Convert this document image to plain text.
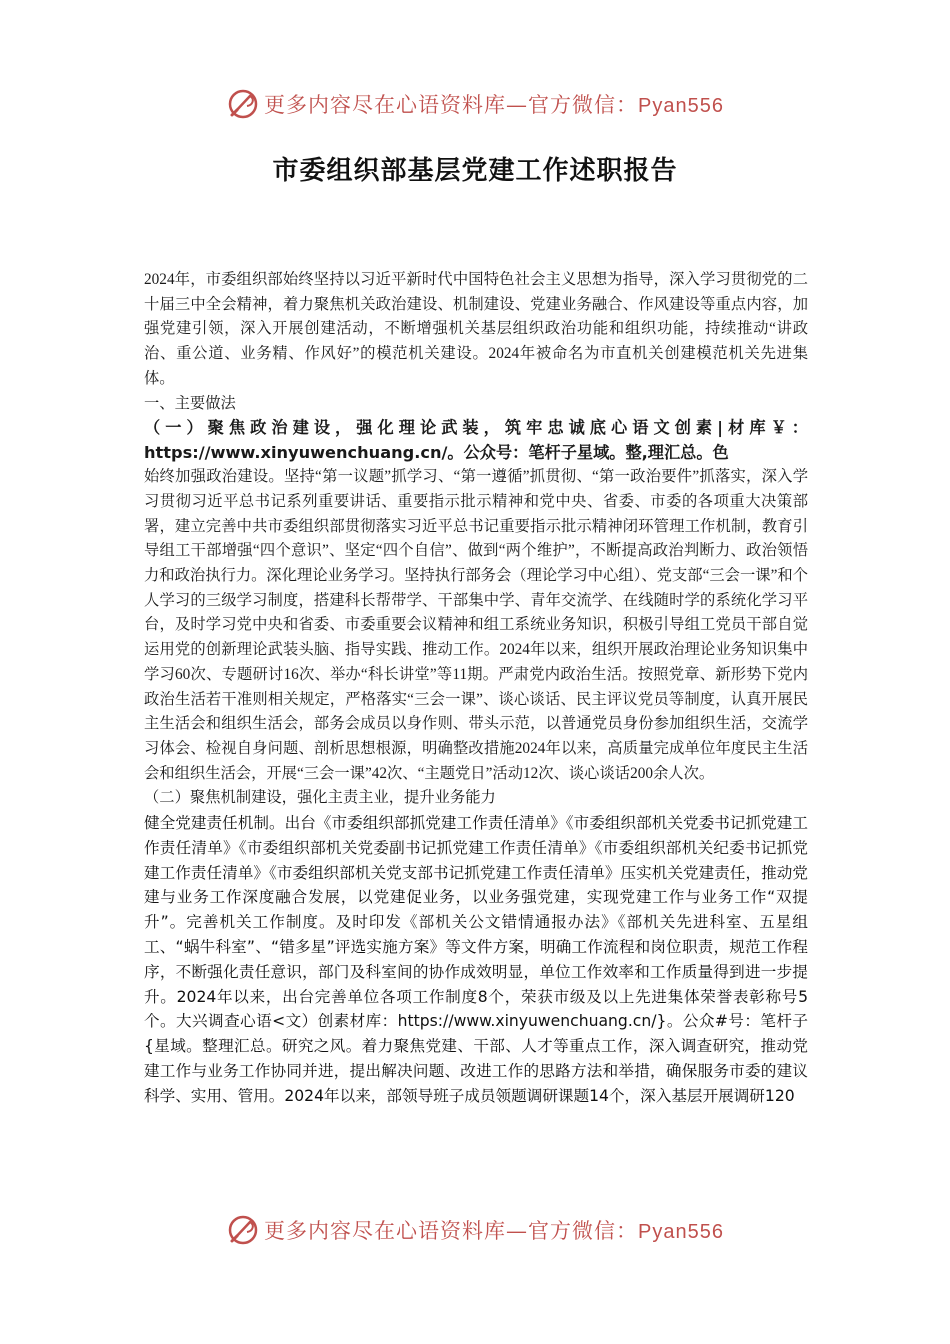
更多内容尽在心语资料库—官方微信：Pyan556
市委组织部基层党建工作述职报告

2024年，市委组织部始终坚持以习近平新时代中国特色社会主义思想为指导，深入学习贯彻党的二十届三中全会精神，着力聚焦机关政治建设、机制建设、党建业务融合、作风建设等重点内容，加强党建引领，深入开展创建活动，不断增强机关基层组织政治功能和组织功能，持续推动“讲政治、重公道、业务精、作风好”的模范机关建设。2024年被命名为市直机关创建模范机关先进集体。

一、主要做法

（一）聚焦政治建设，强化理论武装，筑牢忠诚底心语文创素|材库￥：https://www.xinyuwenchuang.cn/。公众号：笔杆子星域。整,理汇总。色

始终加强政治建设。坚持“第一议题”抓学习、“第一遵循”抓贯彻、“第一政治要件”抓落实，深入学习贯彻习近平总书记系列重要讲话、重要指示批示精神和党中央、省委、市委的各项重大决策部署，建立完善中共市委组织部贯彻落实习近平总书记重要指示批示精神闭环管理工作机制，教育引导组工干部增强“四个意识”、坚定“四个自信”、做到“两个维护”，不断提高政治判断力、政治领悟力和政治执行力。深化理论业务学习。坚持执行部务会（理论学习中心组）、党支部“三会一课”和个人学习的三级学习制度，搭建科长帮带学、干部集中学、青年交流学、在线随时学的系统化学习平台，及时学习党中央和省委、市委重要会议精神和组工系统业务知识，积极引导组工党员干部自觉运用党的创新理论武装头脑、指导实践、推动工作。2024年以来，组织开展政治理论业务知识集中学习60次、专题研讨16次、举办“科长讲堂”等11期。严肃党内政治生活。按照党章、新形势下党内政治生活若干准则相关规定，严格落实“三会一课”、谈心谈话、民主评议党员等制度，认真开展民主生活会和组织生活会，部务会成员以身作则、带头示范，以普通党员身份参加组织生活，交流学习体会、检视自身问题、剖析思想根源，明确整改措施2024年以来，高质量完成单位年度民主生活会和组织生活会，开展“三会一课”42次、“主题党日”活动12次、谈心谈话200余人次。

（二）聚焦机制建设，强化主责主业，提升业务能力

健全党建责任机制。出台《市委组织部抓党建工作责任清单》《市委组织部机关党委书记抓党建工作责任清单》《市委组织部机关党委副书记抓党建工作责任清单》《市委组织部机关纪委书记抓党建工作责任清单》《市委组织部机关党支部书记抓党建工作责任清单》压实机关党建责任，推动党建与业务工作深度融合发展，以党建促业务，以业务强党建，实现党建工作与业务工作“双提升”。完善机关工作制度。及时印发《部机关公文错情通报办法》《部机关先进科室、五星组工、“蜗牛科室”、“错多星”评选实施方案》等文件方案，明确工作流程和岗位职责，规范工作程序，不断强化责任意识，部门及科室间的协作成效明显，单位工作效率和工作质量得到进一步提升。2024年以来，出台完善单位各项工作制度8个，荣获市级及以上先进集体荣誉表彰称号5个。大兴调查心语<文）创素材库：https://www.xinyuwenchuang.cn/}。公众#号：笔杆子{星域。整理汇总。研究之风。着力聚焦党建、干部、人才等重点工作，深入调查研究，推动党建工作与业务工作协同并进，提出解决问题、改进工作的思路方法和举措，确保服务市委的建议科学、实用、管用。2024年以来，部领导班子成员领题调研课题14个，深入基层开展调研120

更多内容尽在心语资料库—官方微信：Pyan556
